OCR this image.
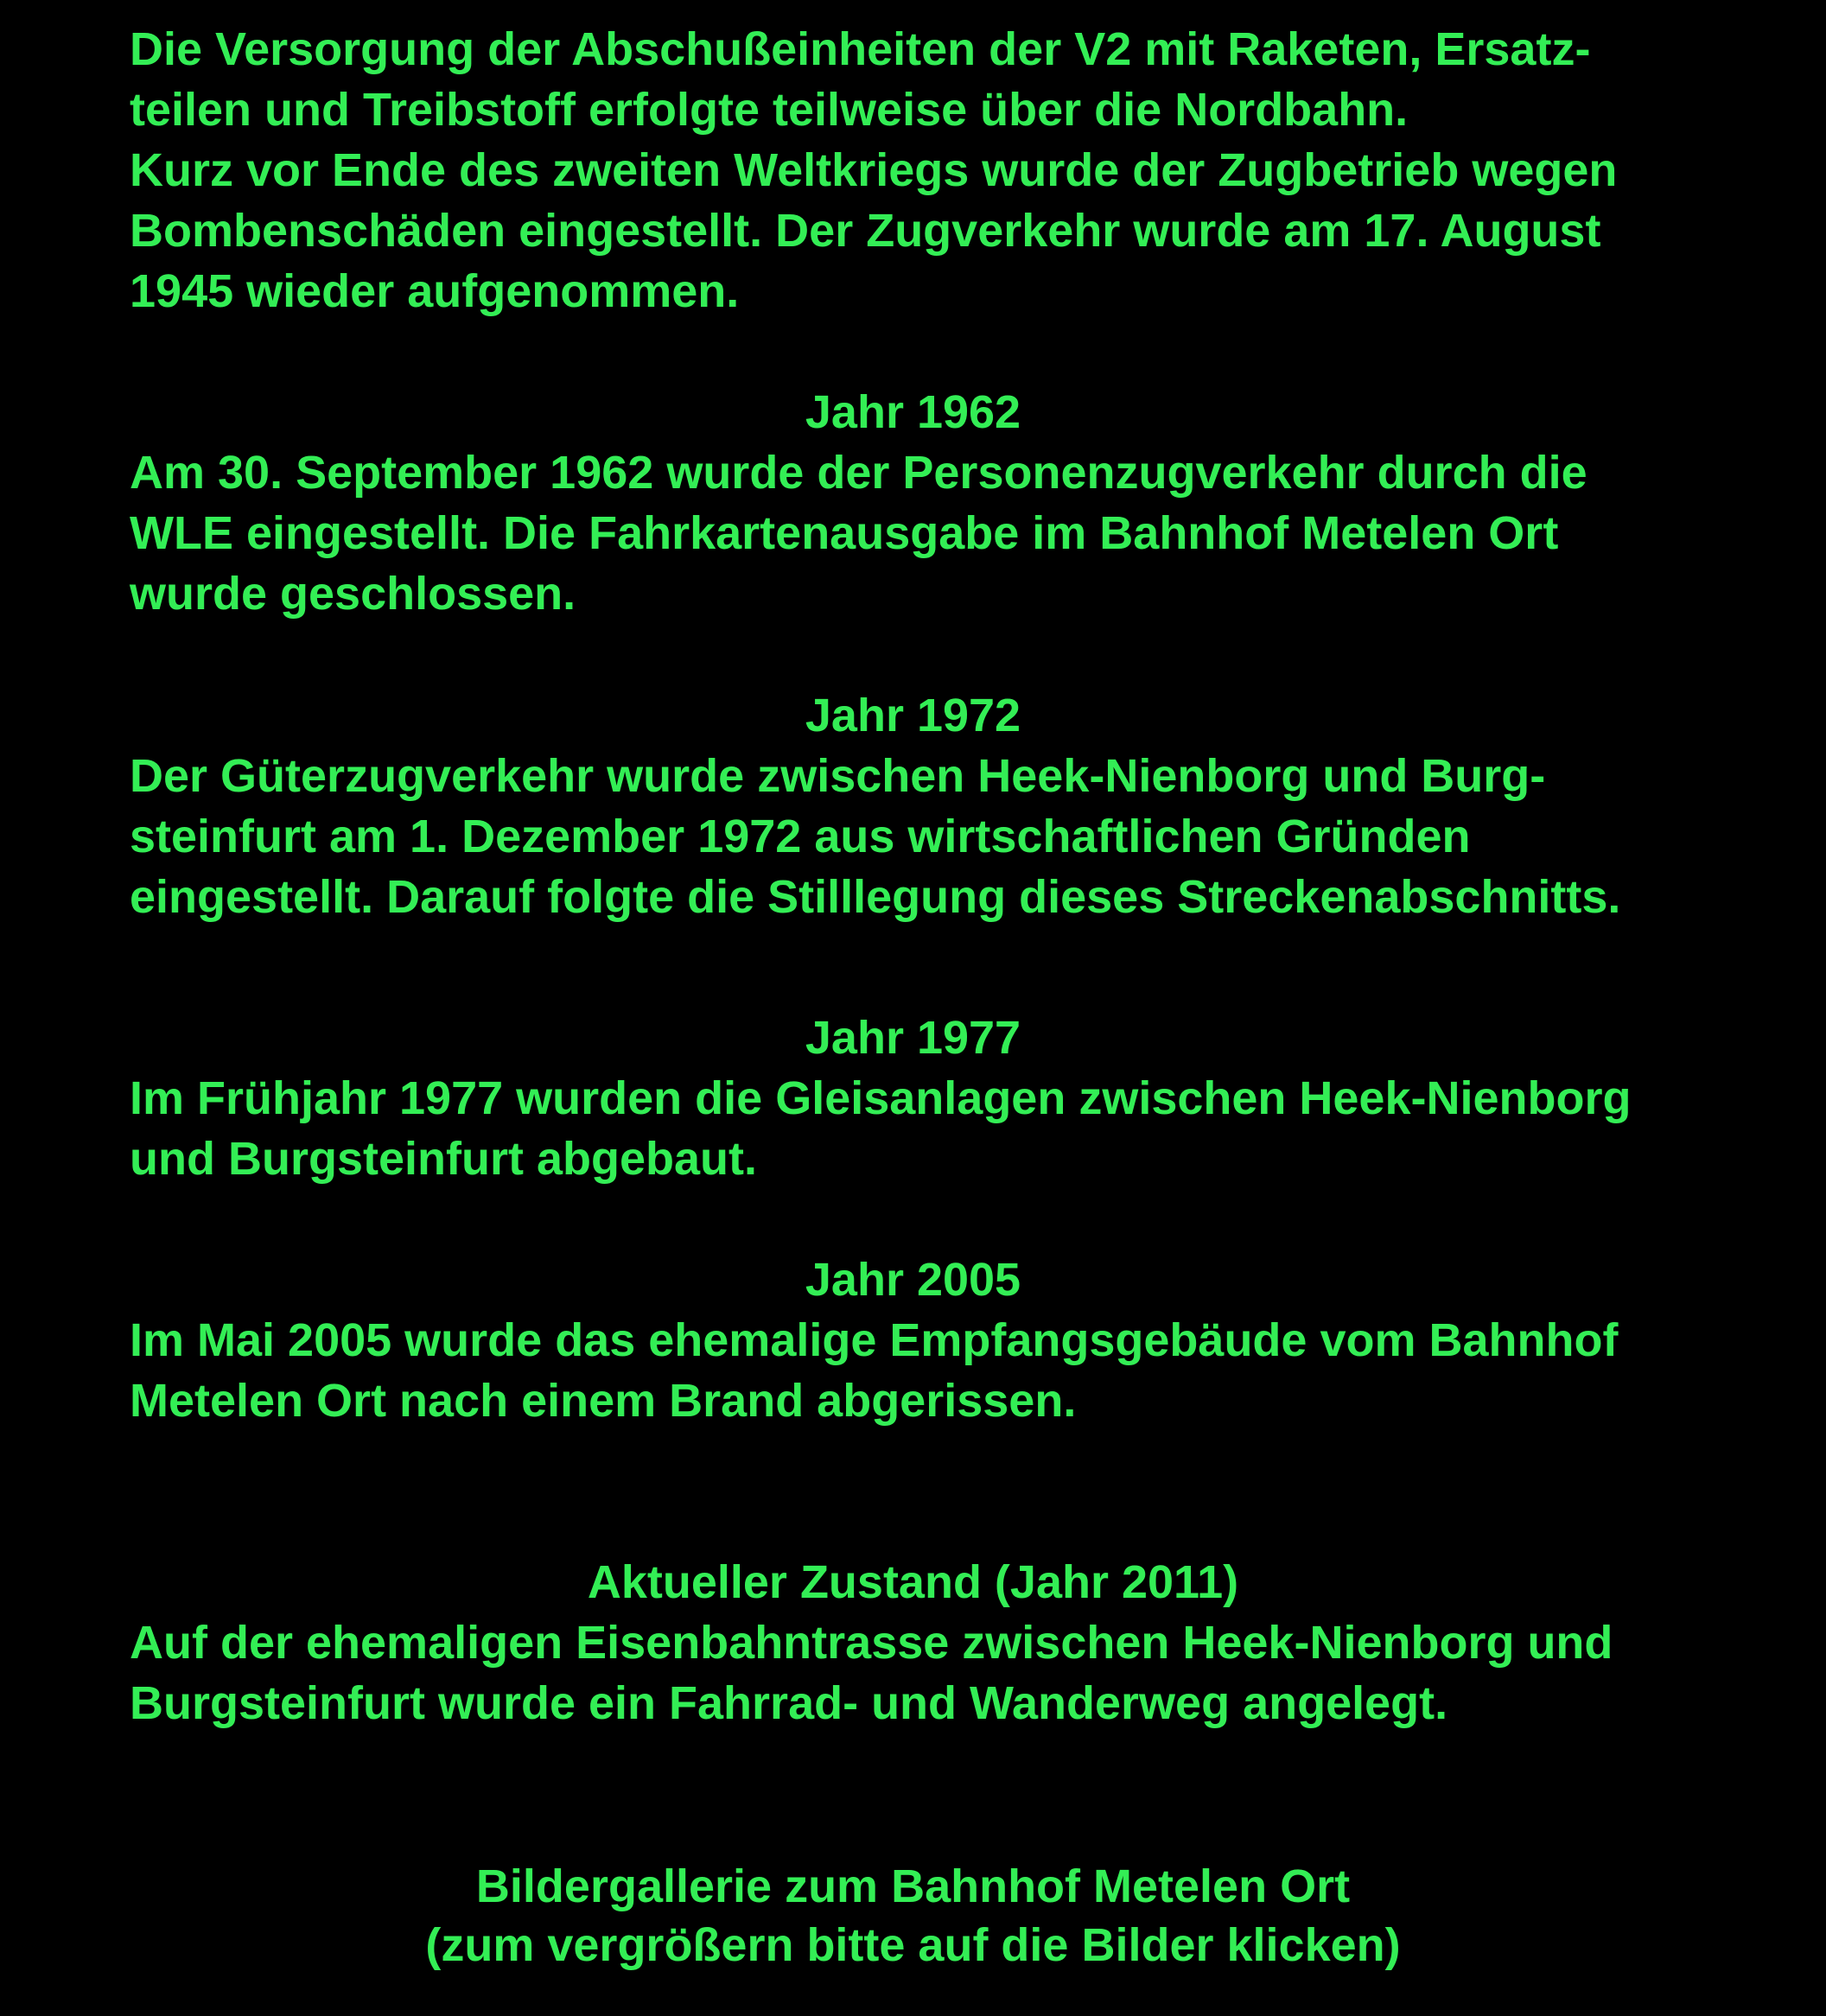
Die Versorgung der Abschußeinheiten der V2 mit Raketen, Ersatz-
teilen und Treibstoff erfolgte teilweise über die Nordbahn.
Kurz vor Ende des zweiten Weltkriegs wurde der Zugbetrieb wegen
Bombenschäden eingestellt. Der Zugverkehr wurde am 17. August
1945 wieder aufgenommen.
Jahr 1962
Am 30. September 1962 wurde der Personenzugverkehr durch die
WLE eingestellt. Die Fahrkartenausgabe im Bahnhof Metelen Ort
wurde geschlossen.
Jahr 1972
Der Güterzugverkehr wurde zwischen Heek-Nienborg und Burg-
steinfurt am 1. Dezember 1972 aus wirtschaftlichen Gründen
eingestellt. Darauf folgte die Stilllegung dieses Streckenabschnitts.
Jahr 1977
Im Frühjahr 1977 wurden die Gleisanlagen zwischen Heek-Nienborg
und Burgsteinfurt abgebaut.
Jahr 2005
Im Mai 2005 wurde das ehemalige Empfangsgebäude vom Bahnhof
Metelen Ort nach einem Brand abgerissen.
Aktueller Zustand (Jahr 2011)
Auf der ehemaligen Eisenbahntrasse zwischen Heek-Nienborg und
Burgsteinfurt wurde ein Fahrrad- und Wanderweg angelegt.
Bildergallerie zum Bahnhof Metelen Ort
(zum vergrößern bitte auf die Bilder klicken)
